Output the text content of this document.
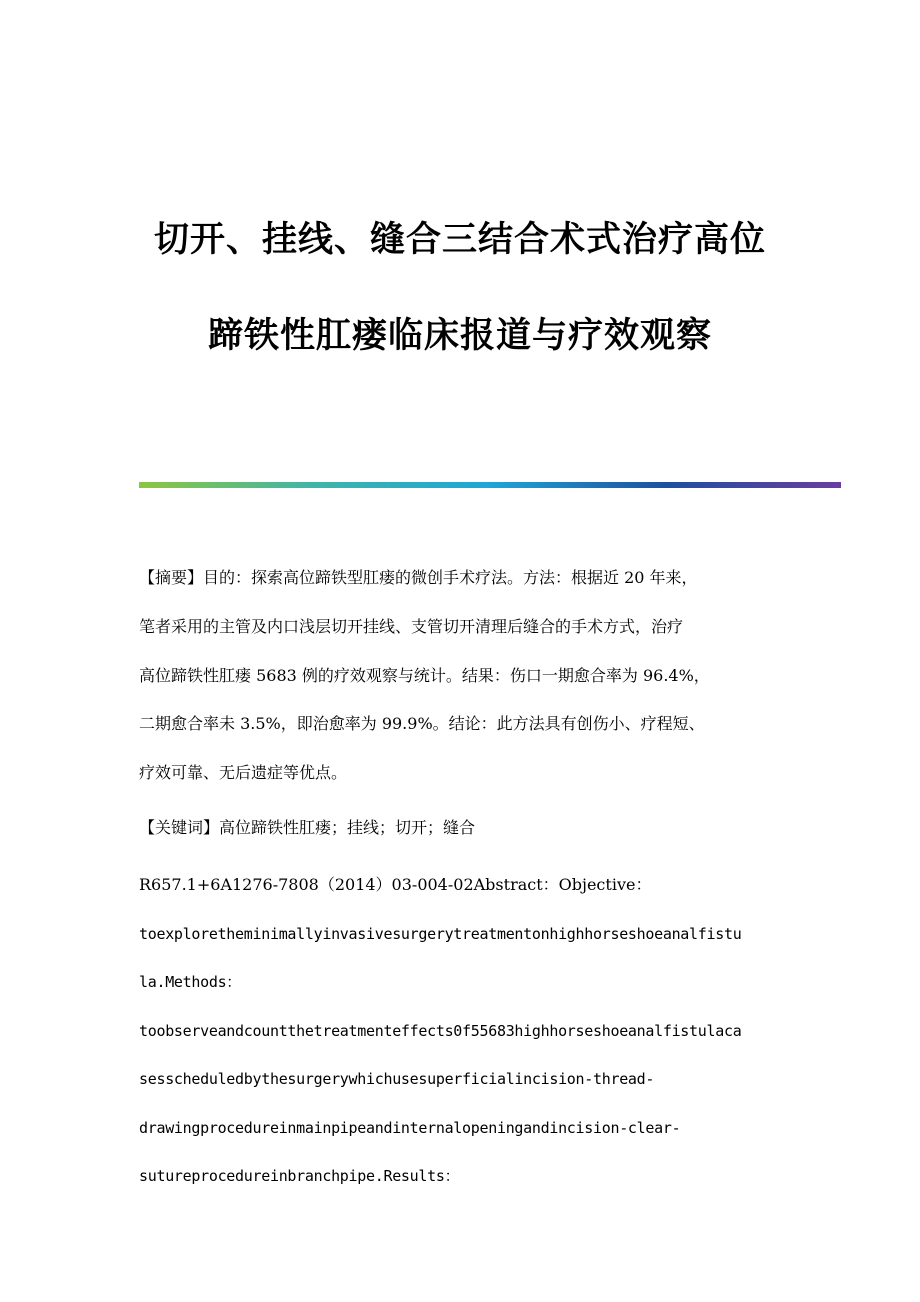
切开、挂线、缝合三结合术式治疗高位
蹄铁性肛瘘临床报道与疗效观察
【摘要】目的：探索高位蹄铁型肛瘘的微创手术疗法。方法：根据近 20 年来，
笔者采用的主管及内口浅层切开挂线、支管切开清理后缝合的手术方式，治疗
高位蹄铁性肛瘘 5683 例的疗效观察与统计。结果：伤口一期愈合率为 96.4%，
二期愈合率未 3.5%，即治愈率为 99.9%。结论：此方法具有创伤小、疗程短、
疗效可靠、无后遗症等优点。
【关键词】高位蹄铁性肛瘘；挂线；切开；缝合
R657.1+6A1276-7808（2014）03-004-02Abstract：Objective：
toexploretheminimallyinvasivesurgerytreatmentonhighhorseshoeanalfistu
la.Methods：
toobserveandcountthetreatmenteffects0f55683highhorseshoeanalfistulaca
sesscheduledbythesurgerywhichusesuperficialincision-thread-
drawingprocedureinmainpipeandinternalopeningandincision-clear-
sutureprocedureinbranchpipe.Results：
